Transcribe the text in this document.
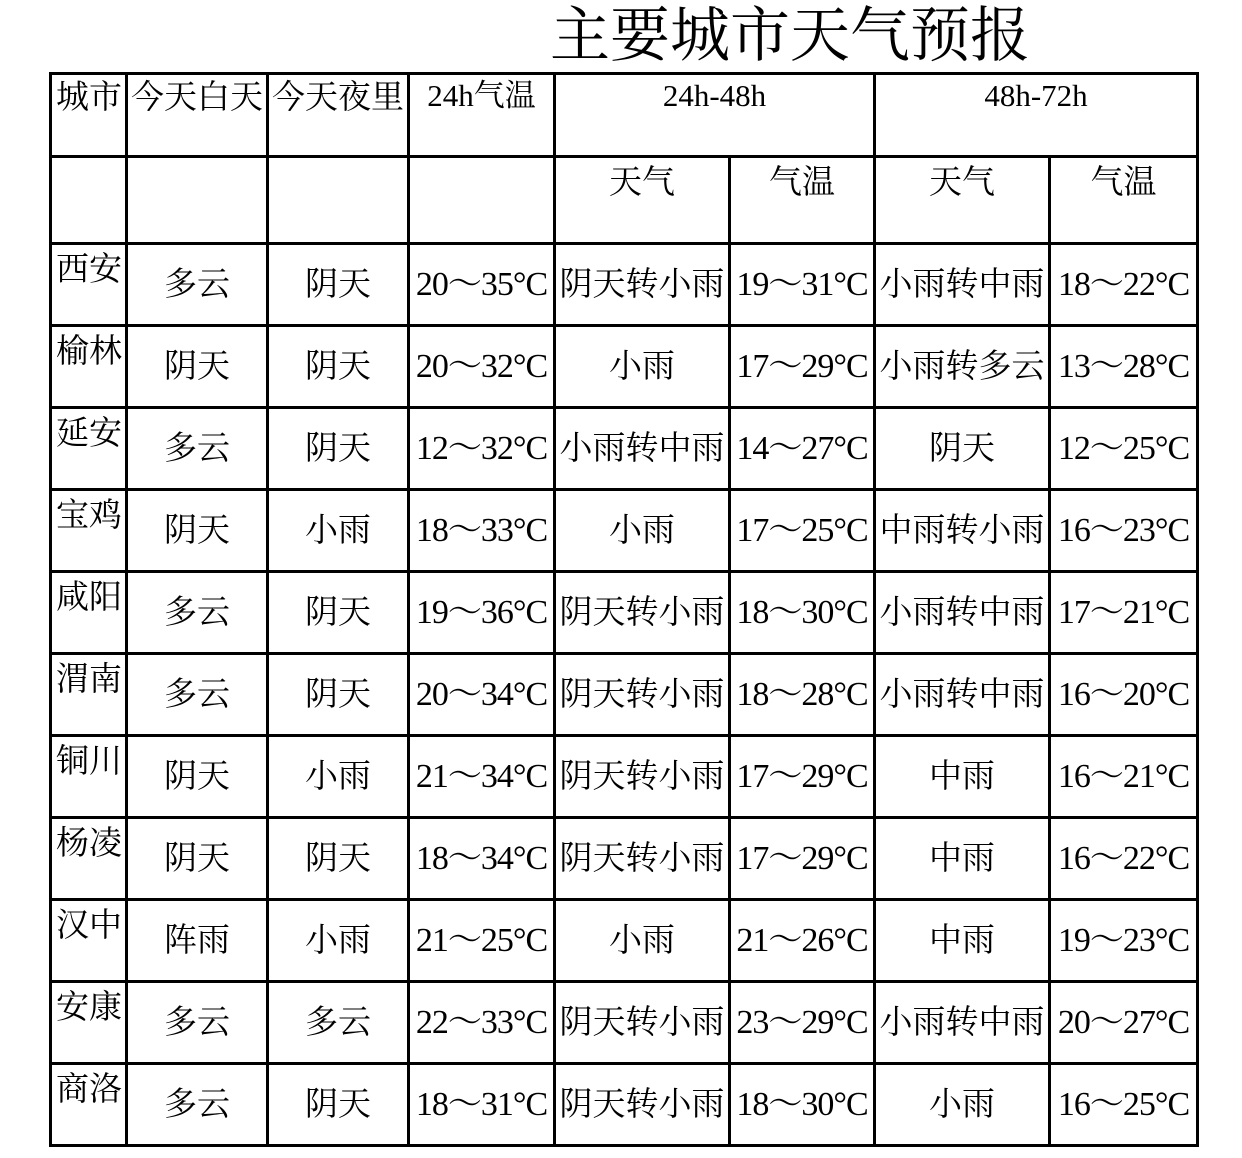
主要城市天气预报
城市	今天白天	今天夜里	24h气温	24h-48h		48h-72h	
				天气	气温	天气	气温
西安	多云	阴天	20～35°C	阴天转小雨	19～31°C	小雨转中雨	18～22°C
榆林	阴天	阴天	20～32°C	小雨	17～29°C	小雨转多云	13～28°C
延安	多云	阴天	12～32°C	小雨转中雨	14～27°C	阴天	12～25°C
宝鸡	阴天	小雨	18～33°C	小雨	17～25°C	中雨转小雨	16～23°C
咸阳	多云	阴天	19～36°C	阴天转小雨	18～30°C	小雨转中雨	17～21°C
渭南	多云	阴天	20～34°C	阴天转小雨	18～28°C	小雨转中雨	16～20°C
铜川	阴天	小雨	21～34°C	阴天转小雨	17～29°C	中雨	16～21°C
杨凌	阴天	阴天	18～34°C	阴天转小雨	17～29°C	中雨	16～22°C
汉中	阵雨	小雨	21～25°C	小雨	21～26°C	中雨	19～23°C
安康	多云	多云	22～33°C	阴天转小雨	23～29°C	小雨转中雨	20～27°C
商洛	多云	阴天	18～31°C	阴天转小雨	18～30°C	小雨	16～25°C
